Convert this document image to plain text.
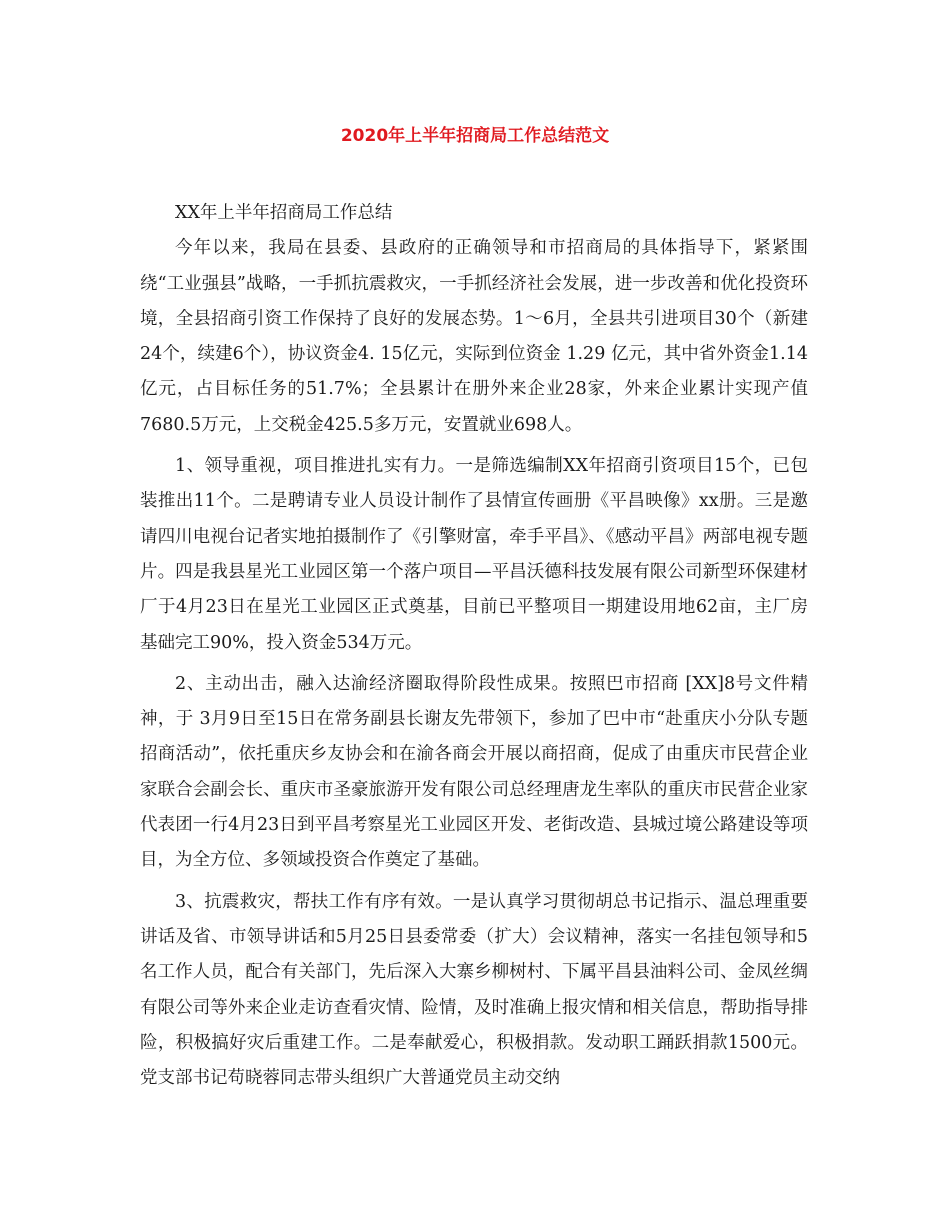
2020年上半年招商局工作总结范文

XX年上半年招商局工作总结

今年以来，我局在县委、县政府的正确领导和市招商局的具体指导下，紧紧围绕“工业强县”战略，一手抓抗震救灾，一手抓经济社会发展，进一步改善和优化投资环境，全县招商引资工作保持了良好的发展态势。1～6月，全县共引进项目30个（新建24个，续建6个），协议资金4. 15亿元，实际到位资金 1.29 亿元，其中省外资金1.14亿元，占目标任务的51.7%；全县累计在册外来企业28家，外来企业累计实现产值7680.5万元，上交税金425.5多万元，安置就业698人。

1、领导重视，项目推进扎实有力。一是筛选编制XX年招商引资项目15个，已包装推出11个。二是聘请专业人员设计制作了县情宣传画册《平昌映像》xx册。三是邀请四川电视台记者实地拍摄制作了《引擎财富，牵手平昌》、《感动平昌》两部电视专题片。四是我县星光工业园区第一个落户项目—平昌沃德科技发展有限公司新型环保建材厂于4月23日在星光工业园区正式奠基，目前已平整项目一期建设用地62亩，主厂房基础完工90%，投入资金534万元。

2、主动出击，融入达渝经济圈取得阶段性成果。按照巴市招商 [XX]8号文件精神，于 3月9日至15日在常务副县长谢友先带领下，参加了巴中市“赴重庆小分队专题招商活动”，依托重庆乡友协会和在渝各商会开展以商招商，促成了由重庆市民营企业家联合会副会长、重庆市圣豪旅游开发有限公司总经理唐龙生率队的重庆市民营企业家代表团一行4月23日到平昌考察星光工业园区开发、老街改造、县城过境公路建设等项目，为全方位、多领域投资合作奠定了基础。

3、抗震救灾，帮扶工作有序有效。一是认真学习贯彻胡总书记指示、温总理重要讲话及省、市领导讲话和5月25日县委常委（扩大）会议精神，落实一名挂包领导和5名工作人员，配合有关部门，先后深入大寨乡柳树村、下属平昌县油料公司、金凤丝绸有限公司等外来企业走访查看灾情、险情，及时准确上报灾情和相关信息，帮助指导排险，积极搞好灾后重建工作。二是奉献爱心，积极捐款。发动职工踊跃捐款1500元。党支部书记苟晓蓉同志带头组织广大普通党员主动交纳
